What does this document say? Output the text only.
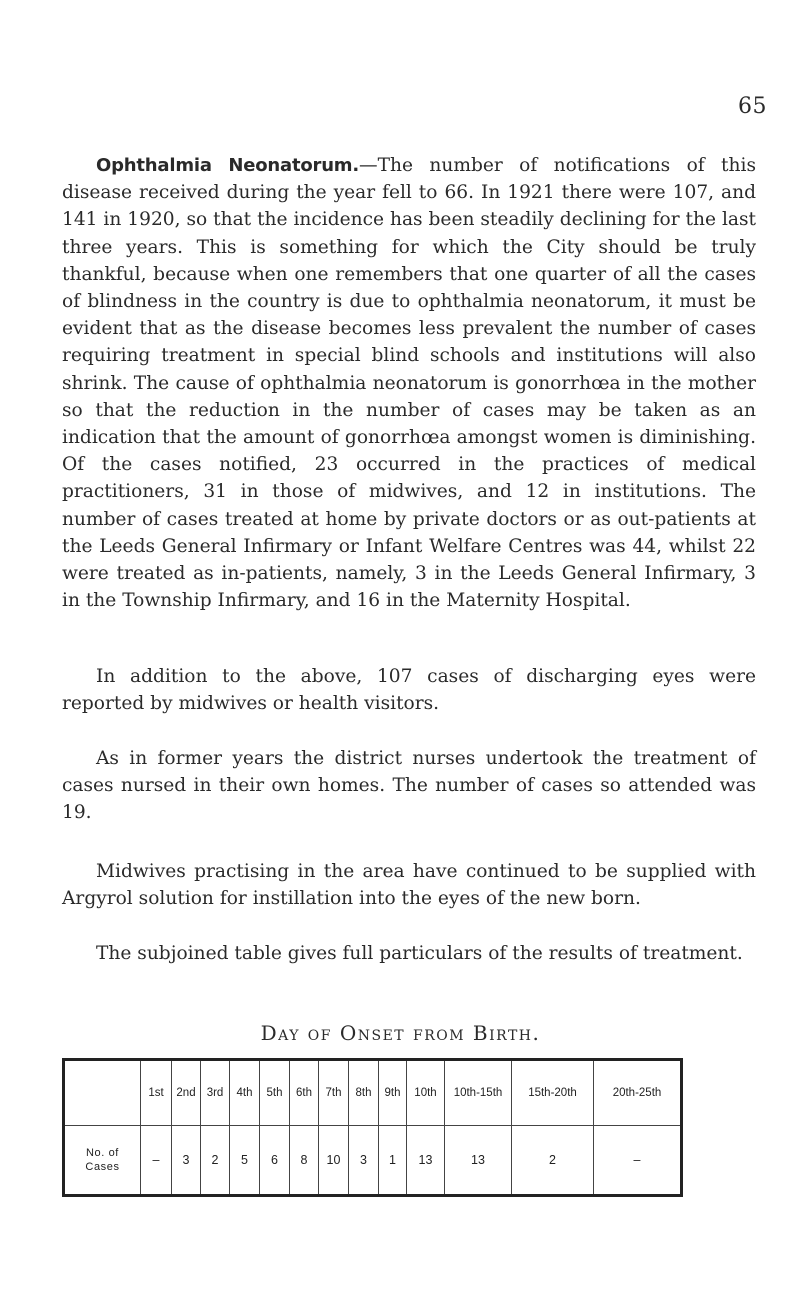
65
Ophthalmia Neonatorum.—The number of notifications of this disease received during the year fell to 66. In 1921 there were 107, and 141 in 1920, so that the incidence has been steadily declining for the last three years. This is something for which the City should be truly thankful, because when one remembers that one quarter of all the cases of blindness in the country is due to ophthalmia neonatorum, it must be evident that as the disease becomes less prevalent the number of cases requiring treatment in special blind schools and institutions will also shrink. The cause of ophthalmia neonatorum is gonorrhœa in the mother so that the reduction in the number of cases may be taken as an indication that the amount of gonorrhœa amongst women is diminishing. Of the cases notified, 23 occurred in the practices of medical practitioners, 31 in those of midwives, and 12 in institutions. The number of cases treated at home by private doctors or as out-patients at the Leeds General Infirmary or Infant Welfare Centres was 44, whilst 22 were treated as in-patients, namely, 3 in the Leeds General Infirmary, 3 in the Township Infirmary, and 16 in the Maternity Hospital.
In addition to the above, 107 cases of discharging eyes were reported by midwives or health visitors.
As in former years the district nurses undertook the treatment of cases nursed in their own homes. The number of cases so attended was 19.
Midwives practising in the area have continued to be supplied with Argyrol solution for instillation into the eyes of the new born.
The subjoined table gives full particulars of the results of treatment.
Day of Onset from Birth.
	1st	2nd	3rd	4th	5th	6th	7th	8th	9th	10th	10th-15th	15th-20th	20th-25th
No. of
Cases	–	3	2	5	6	8	10	3	1	13	13	2	–
